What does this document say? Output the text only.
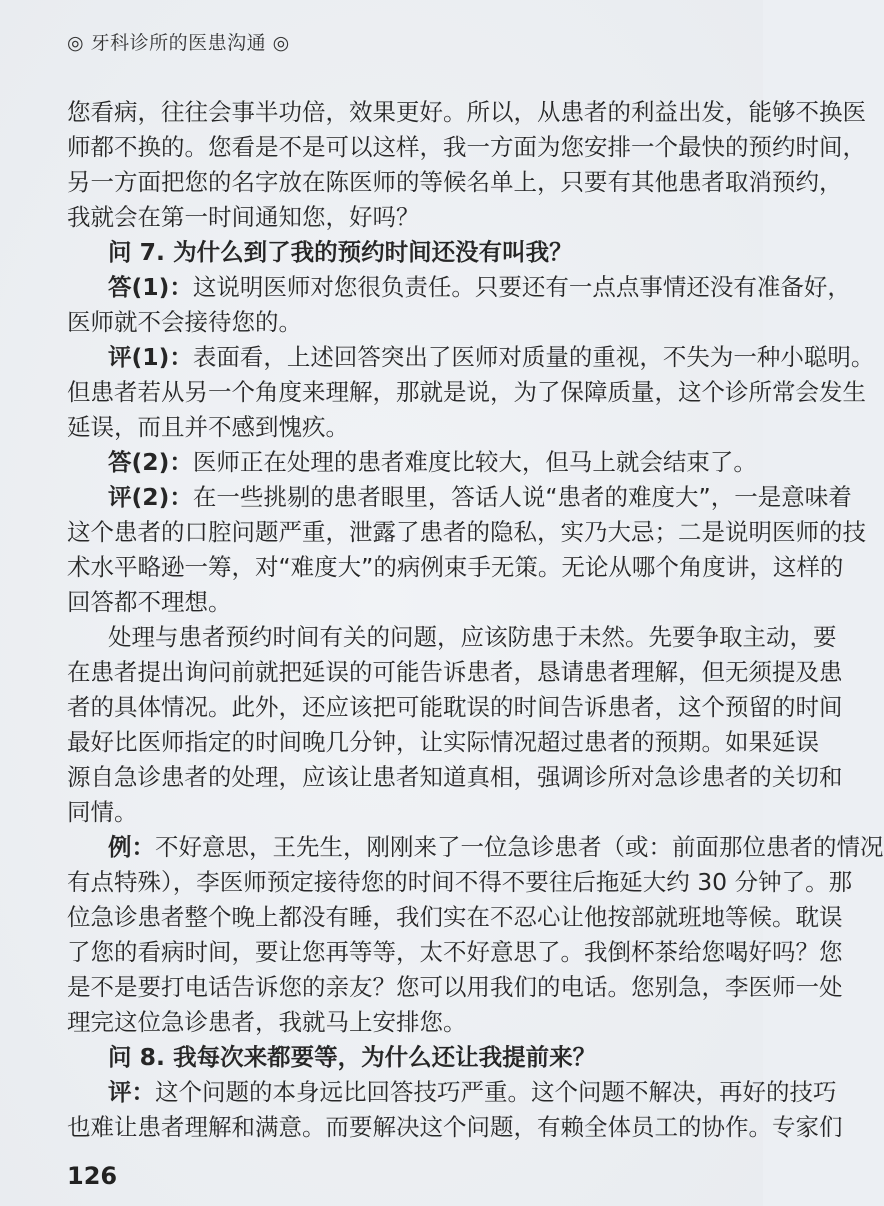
◎ 牙科诊所的医患沟通 ◎
您看病，往往会事半功倍，效果更好。所以，从患者的利益出发，能够不换医
师都不换的。您看是不是可以这样，我一方面为您安排一个最快的预约时间，
另一方面把您的名字放在陈医师的等候名单上，只要有其他患者取消预约，
我就会在第一时间通知您，好吗？
问 7. 为什么到了我的预约时间还没有叫我？
答(1)：这说明医师对您很负责任。只要还有一点点事情还没有准备好，
医师就不会接待您的。
评(1)：表面看，上述回答突出了医师对质量的重视，不失为一种小聪明。
但患者若从另一个角度来理解，那就是说，为了保障质量，这个诊所常会发生
延误，而且并不感到愧疚。
答(2)：医师正在处理的患者难度比较大，但马上就会结束了。
评(2)：在一些挑剔的患者眼里，答话人说“患者的难度大”，一是意味着
这个患者的口腔问题严重，泄露了患者的隐私，实乃大忌；二是说明医师的技
术水平略逊一筹，对“难度大”的病例束手无策。无论从哪个角度讲，这样的
回答都不理想。
处理与患者预约时间有关的问题，应该防患于未然。先要争取主动，要
在患者提出询问前就把延误的可能告诉患者，恳请患者理解，但无须提及患
者的具体情况。此外，还应该把可能耽误的时间告诉患者，这个预留的时间
最好比医师指定的时间晚几分钟，让实际情况超过患者的预期。如果延误
源自急诊患者的处理，应该让患者知道真相，强调诊所对急诊患者的关切和
同情。
例：不好意思，王先生，刚刚来了一位急诊患者（或：前面那位患者的情况
有点特殊），李医师预定接待您的时间不得不要往后拖延大约 30 分钟了。那
位急诊患者整个晚上都没有睡，我们实在不忍心让他按部就班地等候。耽误
了您的看病时间，要让您再等等，太不好意思了。我倒杯茶给您喝好吗？您
是不是要打电话告诉您的亲友？您可以用我们的电话。您别急，李医师一处
理完这位急诊患者，我就马上安排您。
问 8. 我每次来都要等，为什么还让我提前来？
评：这个问题的本身远比回答技巧严重。这个问题不解决，再好的技巧
也难让患者理解和满意。而要解决这个问题，有赖全体员工的协作。专家们
126
